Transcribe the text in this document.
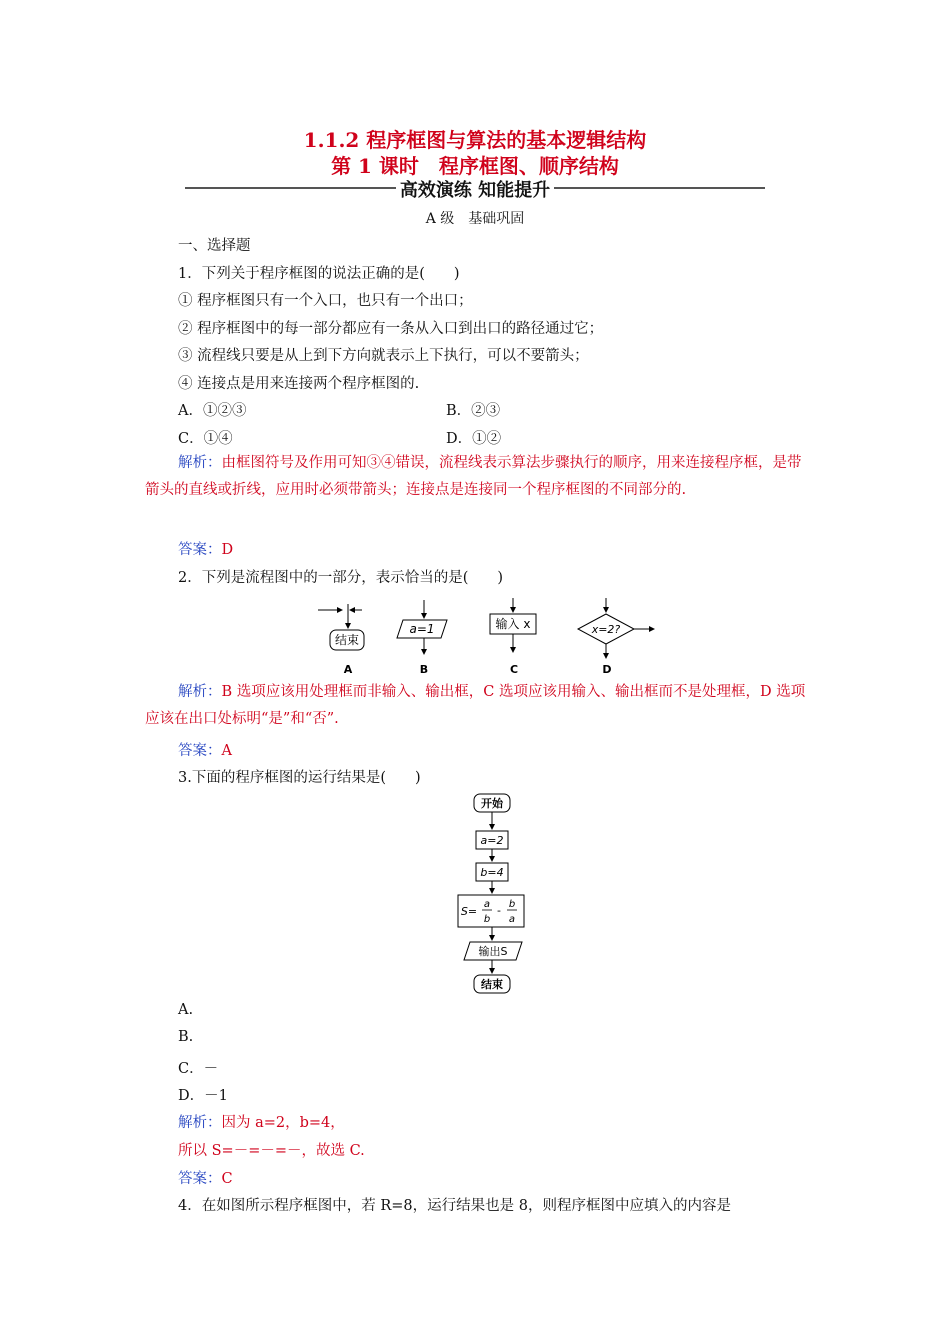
1.1.2 程序框图与算法的基本逻辑结构
第 1 课时　程序框图、顺序结构
高效演练 知能提升
A 级　基础巩固
一、选择题
1．下列关于程序框图的说法正确的是(　　)
① 程序框图只有一个入口，也只有一个出口；
② 程序框图中的每一部分都应有一条从入口到出口的路径通过它；
③ 流程线只要是从上到下方向就表示上下执行，可以不要箭头；
④ 连接点是用来连接两个程序框图的.
A．①②③	B．②③
C．①④	D．①②
解析：由框图符号及作用可知③④错误，流程线表示算法步骤执行的顺序，用来连接程序框，是带箭头的直线或折线，应用时必须带箭头；连接点是连接同一个程序框图的不同部分的.
答案：D
2．下列是流程图中的一部分，表示恰当的是(　　)
结束
A
a=1
B
输入 x
C
x=2?
D
解析：B 选项应该用处理框而非输入、输出框，C 选项应该用输入、输出框而不是处理框，D 选项应该在出口处标明“是”和“否”.
答案：A
3.下面的程序框图的运行结果是(　　)
开始
a=2
b=4
S=
a
b
- b
a
输出S
结束
A.
B.
C．－
D．－1
解析：因为 a=2，b=4，
所以 S=－=－=－，故选 C.
答案：C
4．在如图所示程序框图中，若 R=8，运行结果也是 8，则程序框图中应填入的内容是
